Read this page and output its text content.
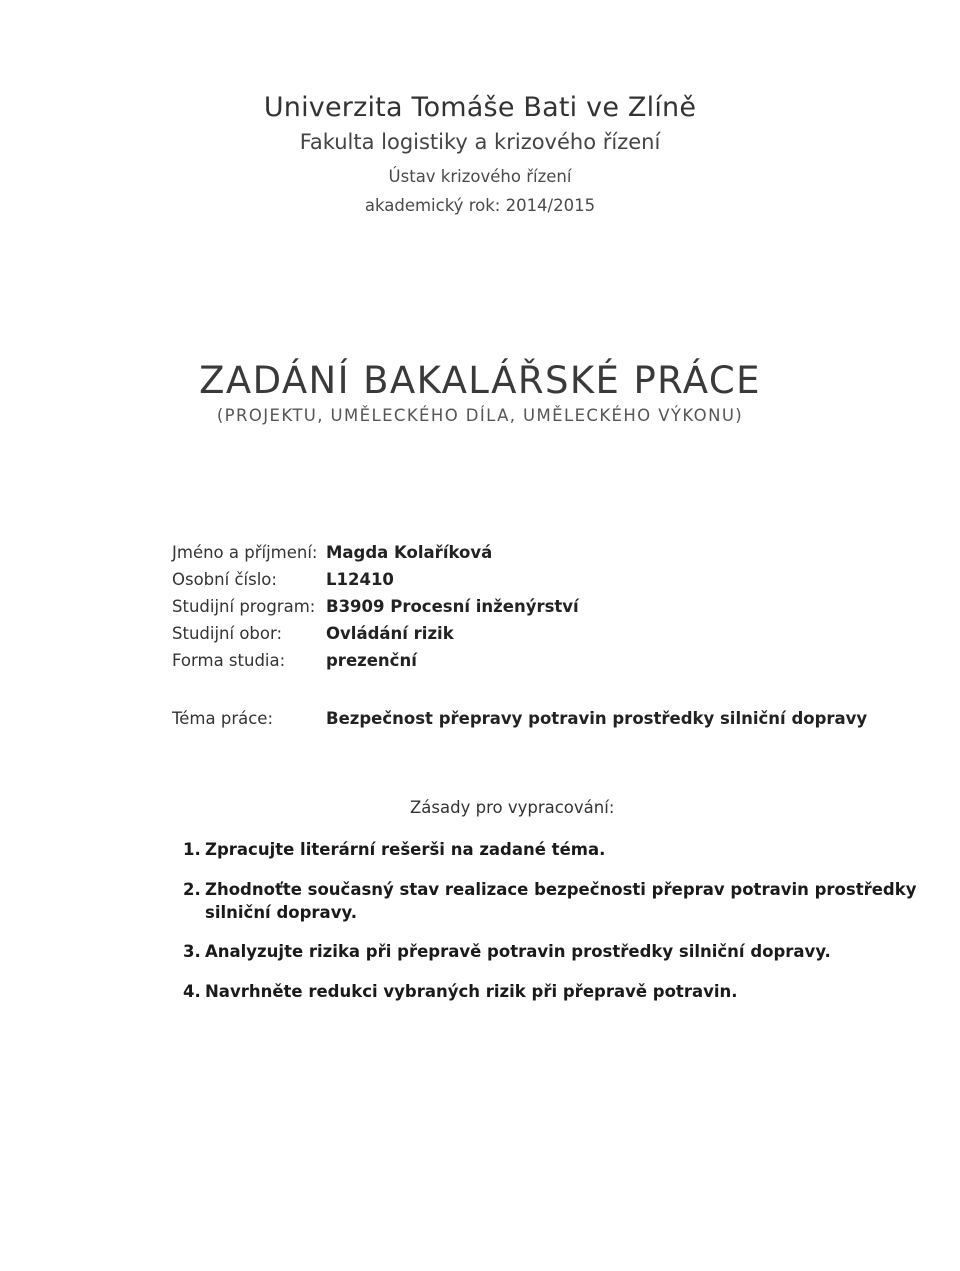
Univerzita Tomáše Bati ve Zlíně
Fakulta logistiky a krizového řízení
Ústav krizového řízení
akademický rok: 2014/2015
ZADÁNÍ BAKALÁŘSKÉ PRÁCE
(PROJEKTU, UMĚLECKÉHO DÍLA, UMĚLECKÉHO VÝKONU)
Jméno a příjmení: Magda Kolaříková
Osobní číslo:	L12410
Studijní program: B3909 Procesní inženýrství
Studijní obor:	Ovládání rizik
Forma studia: prezenční
Téma práce:	Bezpečnost přepravy potravin prostředky silniční dopravy
Zásady pro vypracování:
1. Zpracujte literární rešerši na zadané téma.
2. Zhodnoťte současný stav realizace bezpečnosti přeprav potravin prostředky
silniční dopravy.
3. Analyzujte rizika při přepravě potravin prostředky silniční dopravy.
4. Navrhněte redukci vybraných rizik při přepravě potravin.
